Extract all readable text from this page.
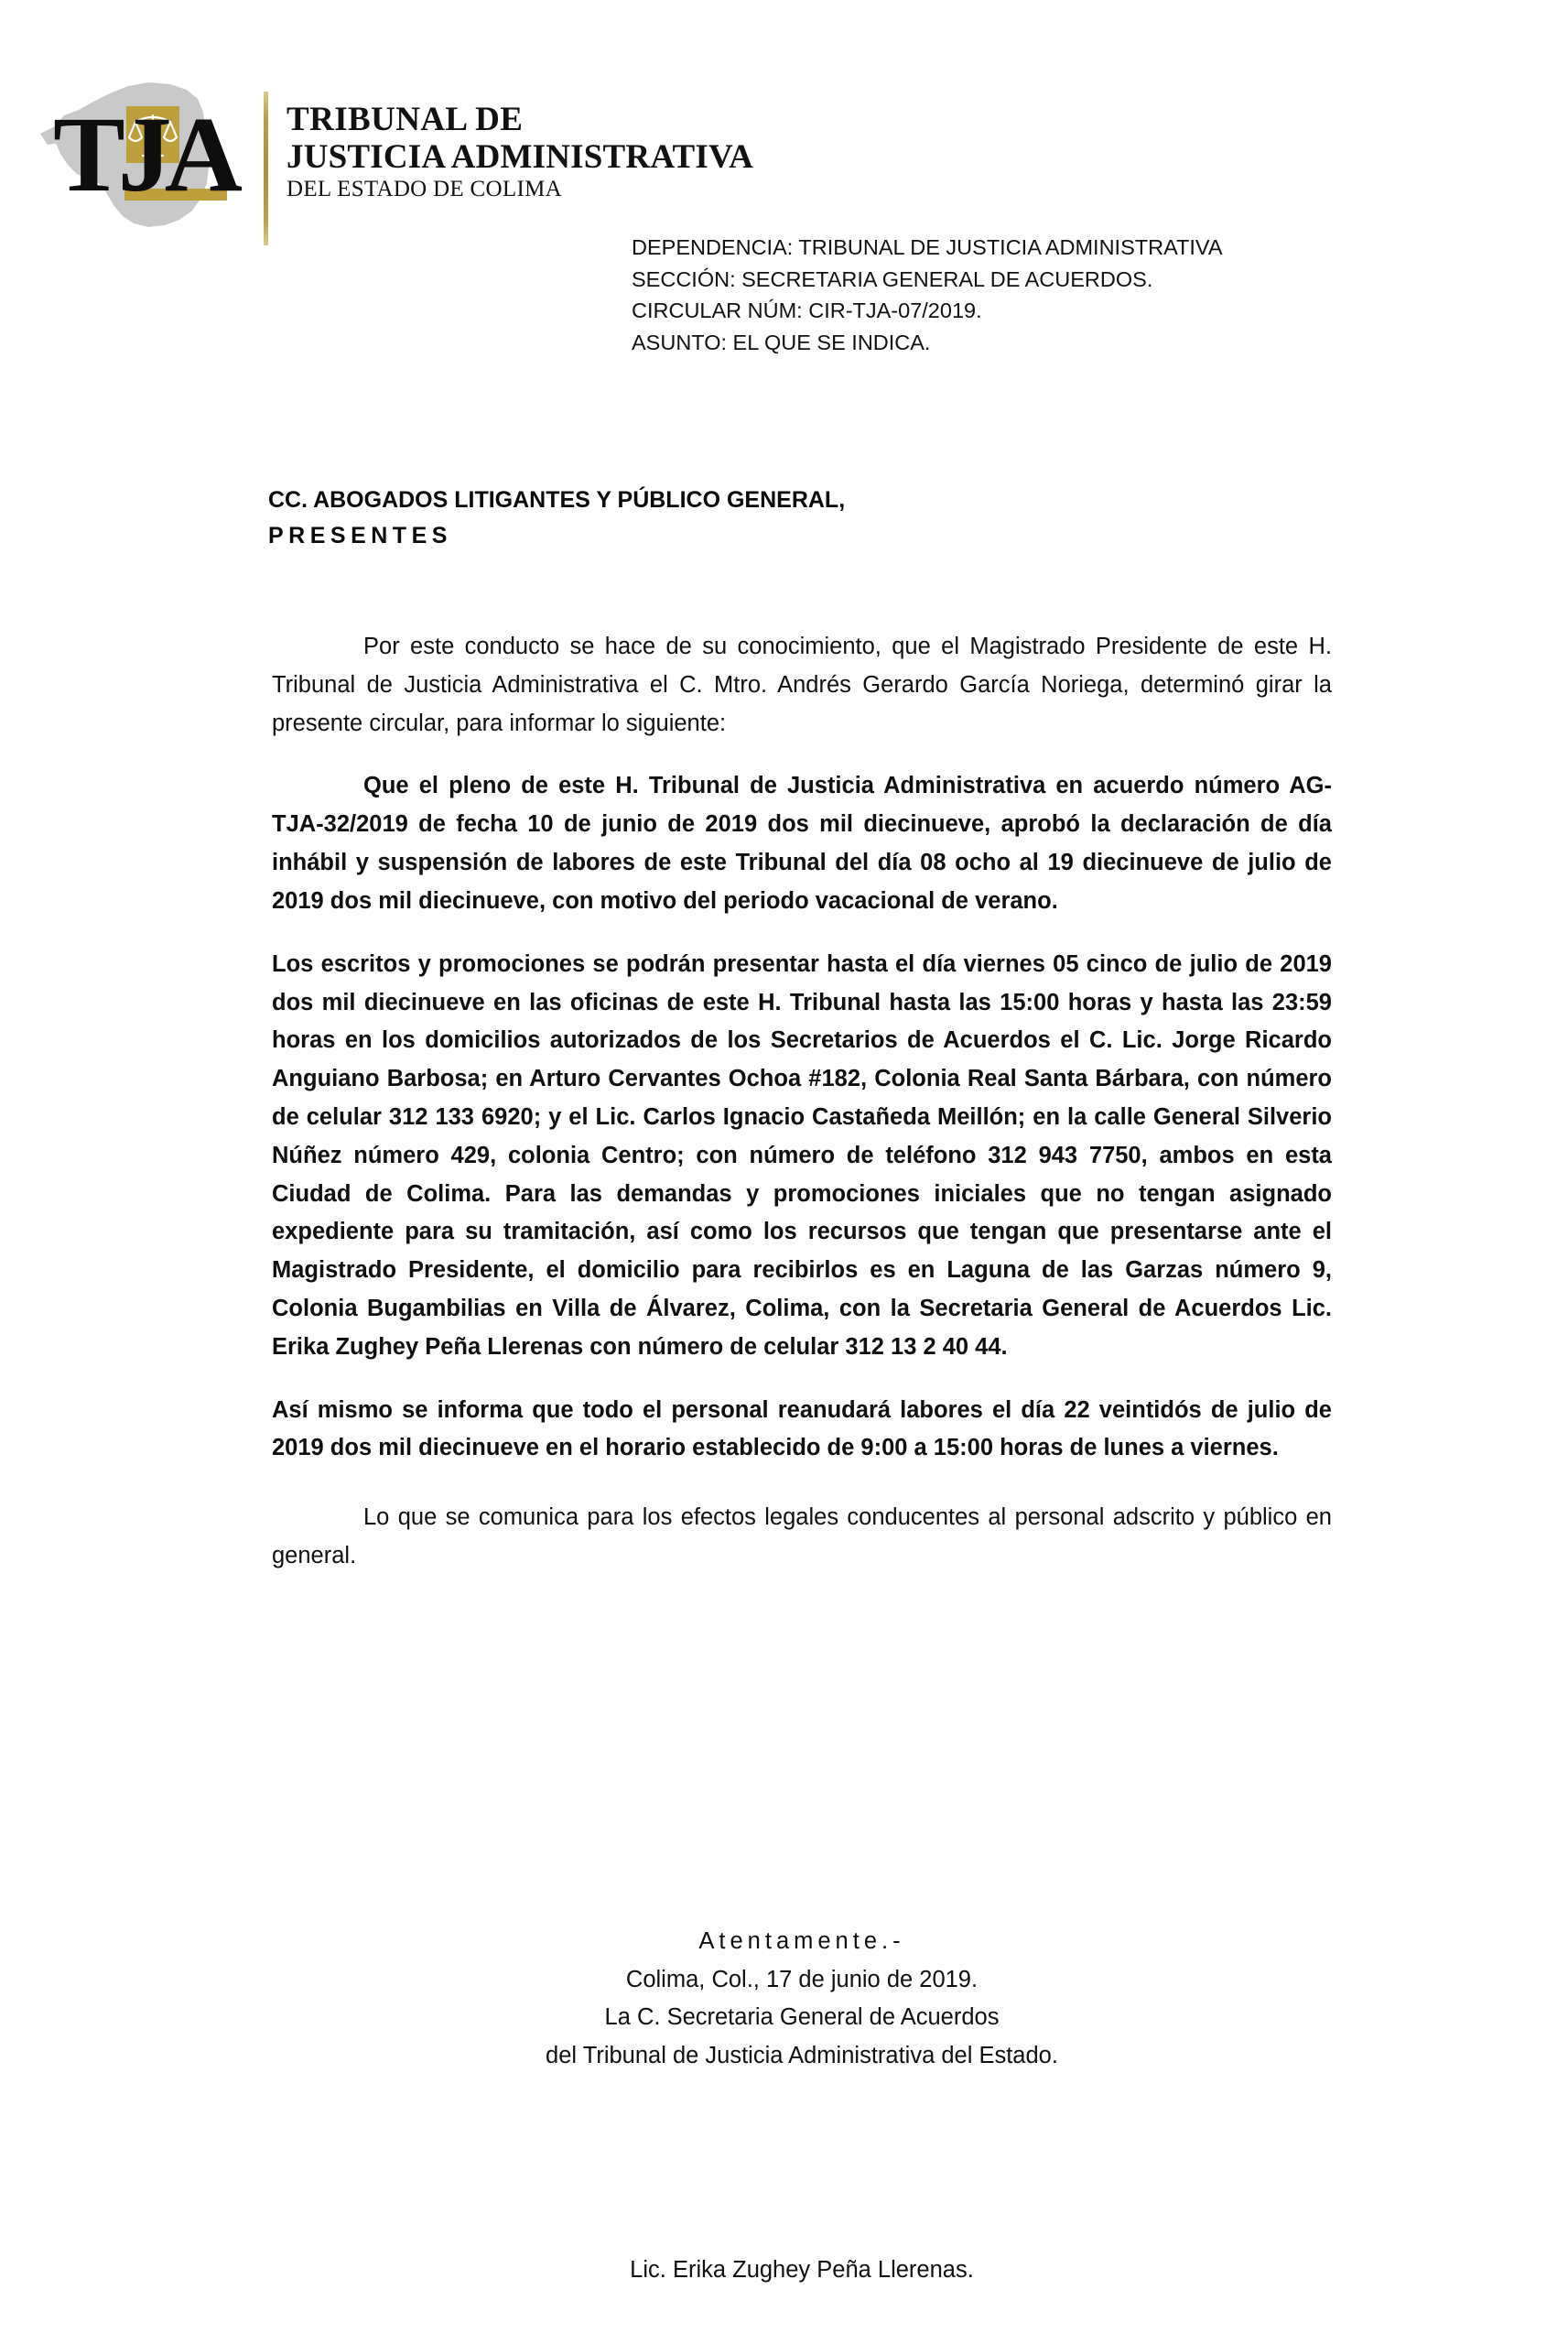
TJA TRIBUNAL DE
JUSTICIA ADMINISTRATIVA
DEL ESTADO DE COLIMA
DEPENDENCIA: TRIBUNAL DE JUSTICIA ADMINISTRATIVA
SECCIÓN: SECRETARIA GENERAL DE ACUERDOS.
CIRCULAR NÚM: CIR-TJA-07/2019.
ASUNTO: EL QUE SE INDICA.
CC. ABOGADOS LITIGANTES Y PÚBLICO GENERAL,
PRESENTES

Por este conducto se hace de su conocimiento, que el Magistrado Presidente de este H. Tribunal de Justicia Administrativa el C. Mtro. Andrés Gerardo García Noriega, determinó girar la presente circular, para informar lo siguiente:

Que el pleno de este H. Tribunal de Justicia Administrativa en acuerdo número AG-TJA-32/2019 de fecha 10 de junio de 2019 dos mil diecinueve, aprobó la declaración de día inhábil y suspensión de labores de este Tribunal del día 08 ocho al 19 diecinueve de julio de 2019 dos mil diecinueve, con motivo del periodo vacacional de verano.

Los escritos y promociones se podrán presentar hasta el día viernes 05 cinco de julio de 2019 dos mil diecinueve en las oficinas de este H. Tribunal hasta las 15:00 horas y hasta las 23:59 horas en los domicilios autorizados de los Secretarios de Acuerdos el C. Lic. Jorge Ricardo Anguiano Barbosa; en Arturo Cervantes Ochoa #182, Colonia Real Santa Bárbara, con número de celular 312 133 6920; y el Lic. Carlos Ignacio Castañeda Meillón; en la calle General Silverio Núñez número 429, colonia Centro; con número de teléfono 312 943 7750, ambos en esta Ciudad de Colima. Para las demandas y promociones iniciales que no tengan asignado expediente para su tramitación, así como los recursos que tengan que presentarse ante el Magistrado Presidente, el domicilio para recibirlos es en Laguna de las Garzas número 9, Colonia Bugambilias en Villa de Álvarez, Colima, con la Secretaria General de Acuerdos Lic. Erika Zughey Peña Llerenas con número de celular 312 13 2 40 44.

Así mismo se informa que todo el personal reanudará labores el día 22 veintidós de julio de 2019 dos mil diecinueve en el horario establecido de 9:00 a 15:00 horas de lunes a viernes.

Lo que se comunica para los efectos legales conducentes al personal adscrito y público en general.

Atentamente.-
Colima, Col., 17 de junio de 2019.
La C. Secretaria General de Acuerdos
del Tribunal de Justicia Administrativa del Estado.
Lic. Erika Zughey Peña Llerenas.
